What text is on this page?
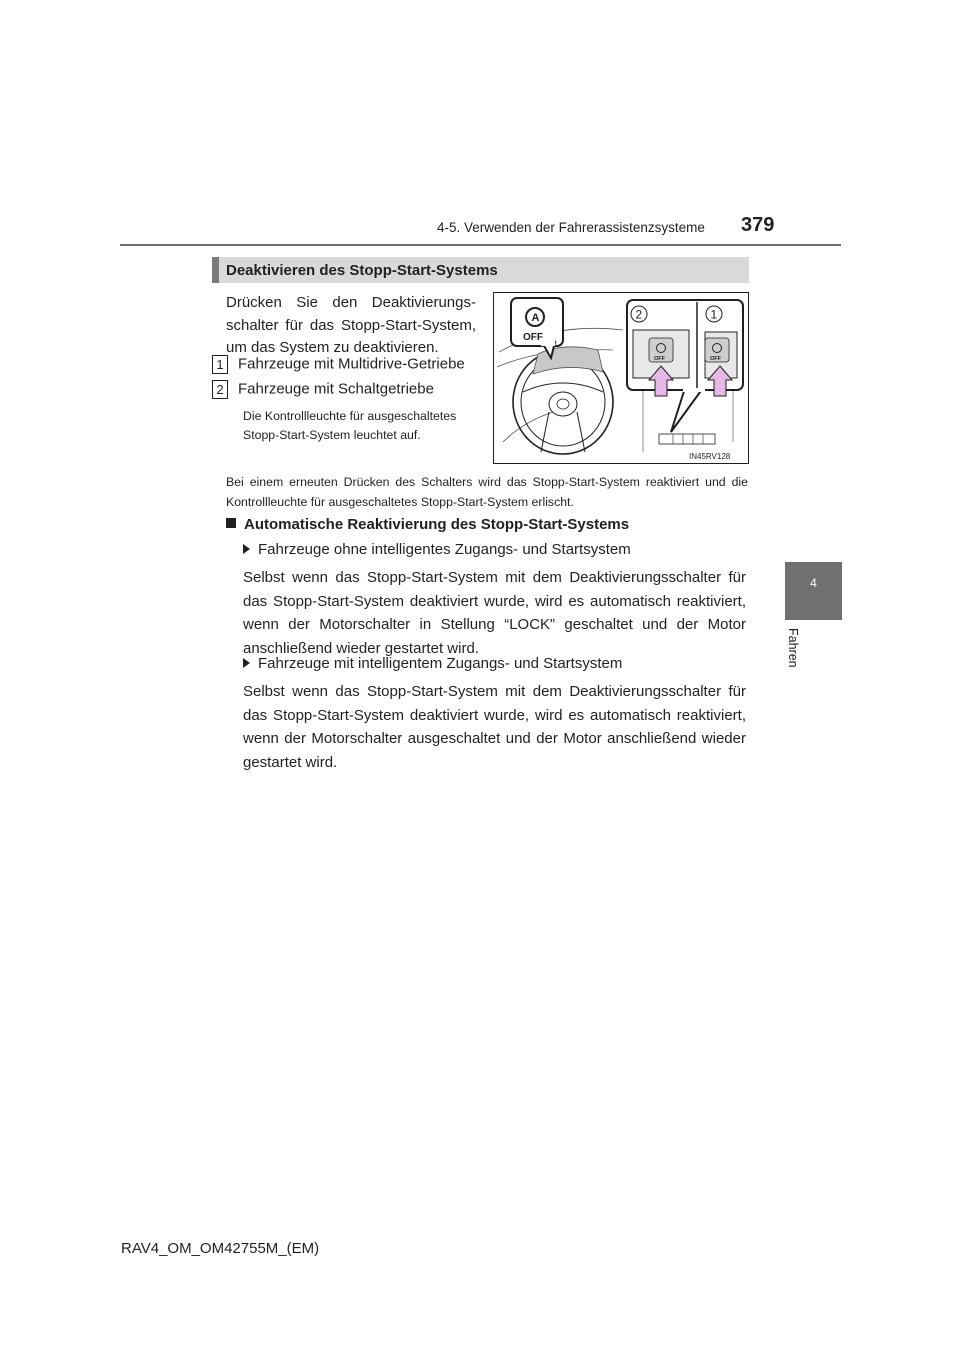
4-5. Verwenden der Fahrerassistenzsysteme 379
4
Fahren
Deaktivieren des Stopp-Start-Systems
Drücken Sie den Deaktivierungs-schalter für das Stopp-Start-System, um das System zu deaktivieren.
1 Fahrzeuge mit Multidrive-Getriebe
2 Fahrzeuge mit Schaltgetriebe
Die Kontrollleuchte für ausgeschaltetes Stopp-Start-System leuchtet auf.
A
OFF
2	1
OFF	OFF
IN45RV128
Bei einem erneuten Drücken des Schalters wird das Stopp-Start-System reaktiviert und die Kontrollleuchte für ausgeschaltetes Stopp-Start-System erlischt.
Automatische Reaktivierung des Stopp-Start-Systems
Fahrzeuge ohne intelligentes Zugangs- und Startsystem
Selbst wenn das Stopp-Start-System mit dem Deaktivierungsschalter für das Stopp-Start-System deaktiviert wurde, wird es automatisch reaktiviert, wenn der Motorschalter in Stellung “LOCK” geschaltet und der Motor anschließend wieder gestartet wird.
Fahrzeuge mit intelligentem Zugangs- und Startsystem
Selbst wenn das Stopp-Start-System mit dem Deaktivierungsschalter für das Stopp-Start-System deaktiviert wurde, wird es automatisch reaktiviert, wenn der Motorschalter ausgeschaltet und der Motor anschließend wieder gestartet wird.
RAV4_OM_OM42755M_(EM)
